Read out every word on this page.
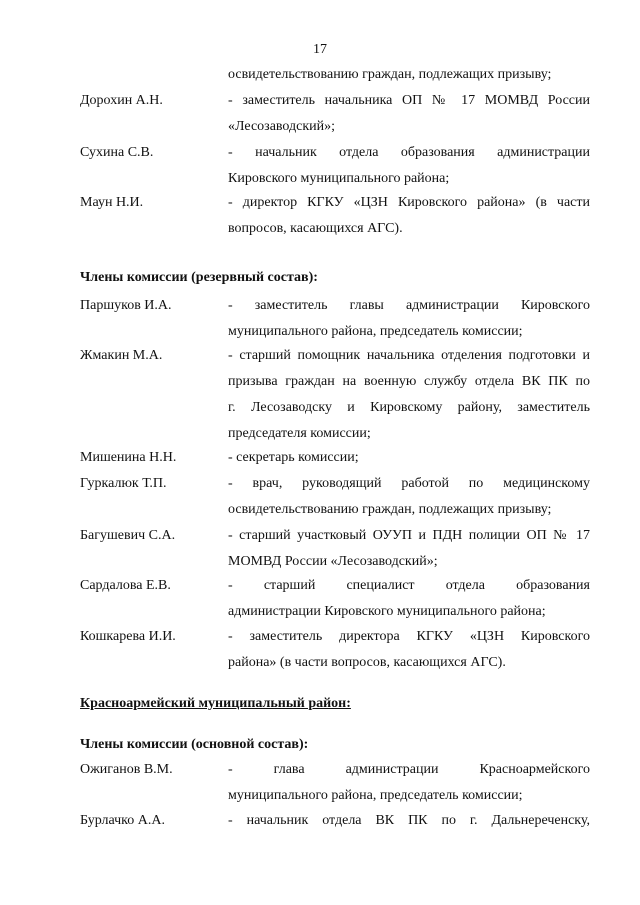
17
освидетельствованию граждан, подлежащих призыву;
Дорохин А.Н.	- заместитель начальника ОП № 17 МОМВД России
«Лесозаводский»;
Сухина С.В.	- начальник отдела образования администрации
Кировского муниципального района;
Маун Н.И.	- директор КГКУ «ЦЗН Кировского района» (в части
вопросов, касающихся АГС).
Члены комиссии (резервный состав):
Паршуков И.А.	- заместитель главы администрации Кировского
муниципального района, председатель комиссии;
Жмакин М.А.	- старший помощник начальника отделения подготовки и
призыва граждан на военную службу отдела ВК ПК по
г. Лесозаводску и Кировскому району, заместитель
председателя комиссии;
Мишенина Н.Н.	- секретарь комиссии;
Гуркалюк Т.П.	- врач, руководящий работой по медицинскому
освидетельствованию граждан, подлежащих призыву;
Багушевич С.А.	- старший участковый ОУУП и ПДН полиции ОП № 17
МОМВД России «Лесозаводский»;
Сардалова Е.В.	- старший специалист отдела образования
администрации Кировского муниципального района;
Кошкарева И.И.	- заместитель директора КГКУ «ЦЗН Кировского
района» (в части вопросов, касающихся АГС).
Красноармейский муниципальный район:
Члены комиссии (основной состав):
Ожиганов В.М.	- глава администрации Красноармейского
муниципального района, председатель комиссии;
Бурлачко А.А.	- начальник отдела ВК ПК по г. Дальнереченску,
